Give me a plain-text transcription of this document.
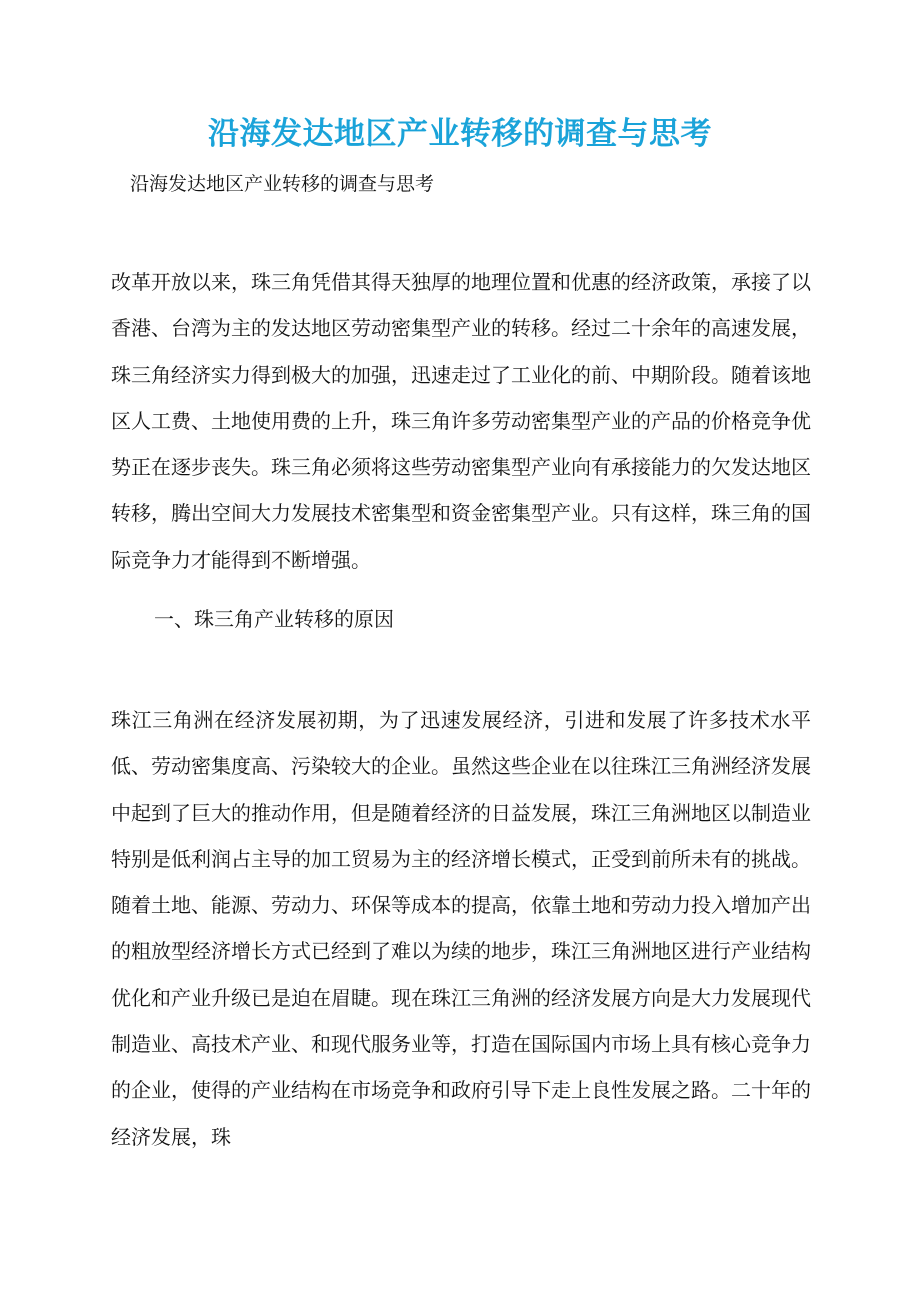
沿海发达地区产业转移的调查与思考
沿海发达地区产业转移的调查与思考

改革开放以来，珠三角凭借其得天独厚的地理位置和优惠的经济政策，承接了以香港、台湾为主的发达地区劳动密集型产业的转移。经过二十余年的高速发展，珠三角经济实力得到极大的加强，迅速走过了工业化的前、中期阶段。随着该地区人工费、土地使用费的上升，珠三角许多劳动密集型产业的产品的价格竞争优势正在逐步丧失。珠三角必须将这些劳动密集型产业向有承接能力的欠发达地区转移，腾出空间大力发展技术密集型和资金密集型产业。只有这样，珠三角的国际竞争力才能得到不断增强。

一、珠三角产业转移的原因

珠江三角洲在经济发展初期，为了迅速发展经济，引进和发展了许多技术水平低、劳动密集度高、污染较大的企业。虽然这些企业在以往珠江三角洲经济发展中起到了巨大的推动作用，但是随着经济的日益发展，珠江三角洲地区以制造业特别是低利润占主导的加工贸易为主的经济增长模式，正受到前所未有的挑战。随着土地、能源、劳动力、环保等成本的提高，依靠土地和劳动力投入增加产出的粗放型经济增长方式已经到了难以为续的地步，珠江三角洲地区进行产业结构优化和产业升级已是迫在眉睫。现在珠江三角洲的经济发展方向是大力发展现代制造业、高技术产业、和现代服务业等，打造在国际国内市场上具有核心竞争力的企业，使得的产业结构在市场竞争和政府引导下走上良性发展之路。二十年的经济发展，珠
